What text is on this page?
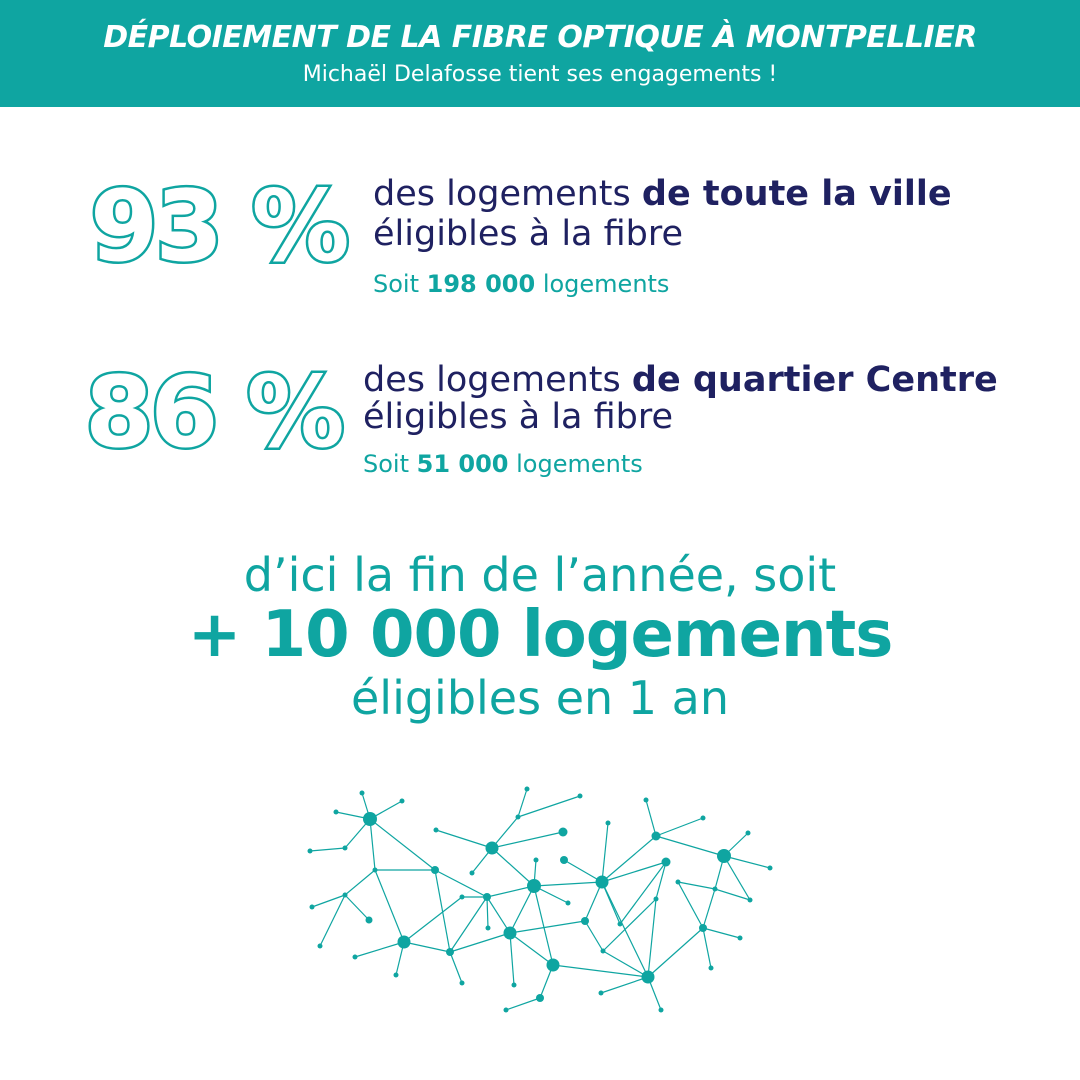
DÉPLOIEMENT DE LA FIBRE OPTIQUE À MONTPELLIER
Michaël Delafosse tient ses engagements !
93 % des logements de toute la ville
éligibles à la fibre
Soit 198 000 logements
86 % des logements de quartier Centre
éligibles à la fibre
Soit 51 000 logements
d’ici la fin de l’année, soit
+ 10 000 logements
éligibles en 1 an
